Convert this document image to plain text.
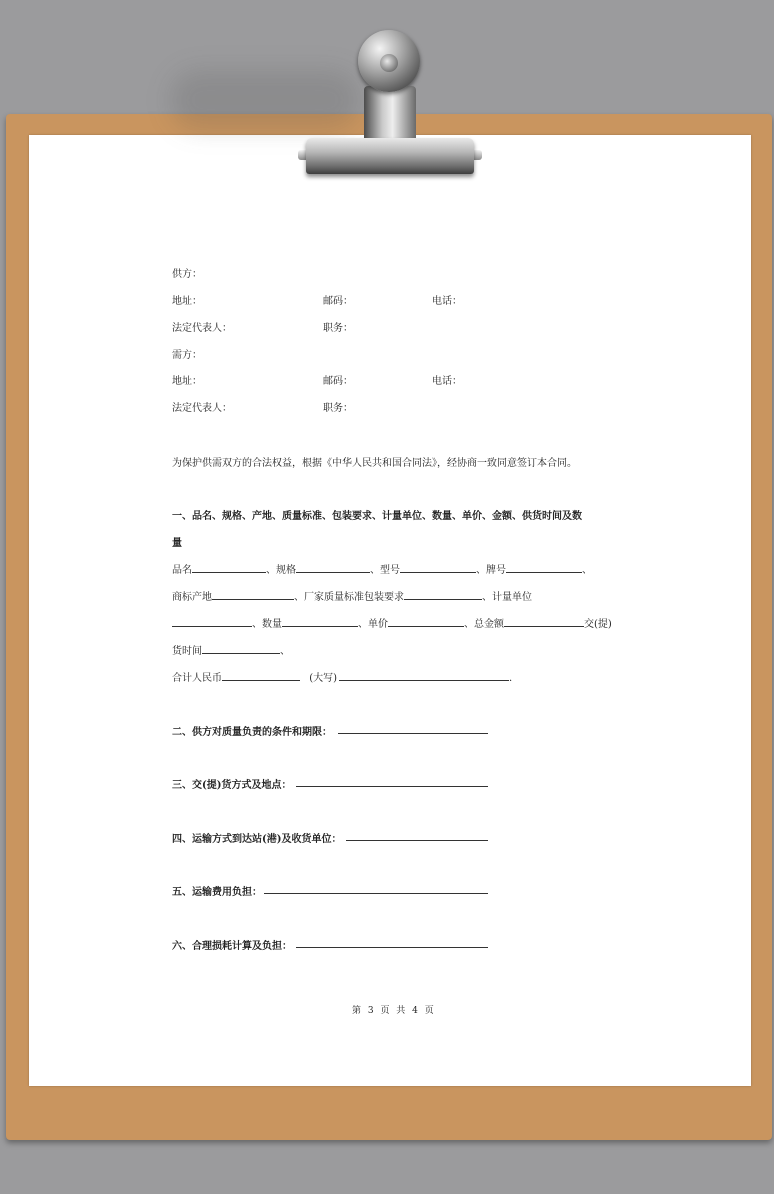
供方：
地址：	邮码：	电话：
法定代表人：	职务：
需方：
地址：	邮码：	电话：
法定代表人：	职务：
为保护供需双方的合法权益，根据《中华人民共和国合同法》，经协商一致同意签订本合同。
一、品名、规格、产地、质量标准、包装要求、计量单位、数量、单价、金额、供货时间及数
量
品名	、规格	、型号	、牌号	、
商标产地	、厂家质量标准包装要求	、计量单位
、数量	、单价	、总金额	交(提)
货时间	、
合计人民币	(大写)	.
二、供方对质量负责的条件和期限：
三、交(提)货方式及地点：
四、运输方式到达站(港)及收货单位：
五、运输费用负担：
六、合理损耗计算及负担：
第 3 页 共 4 页
